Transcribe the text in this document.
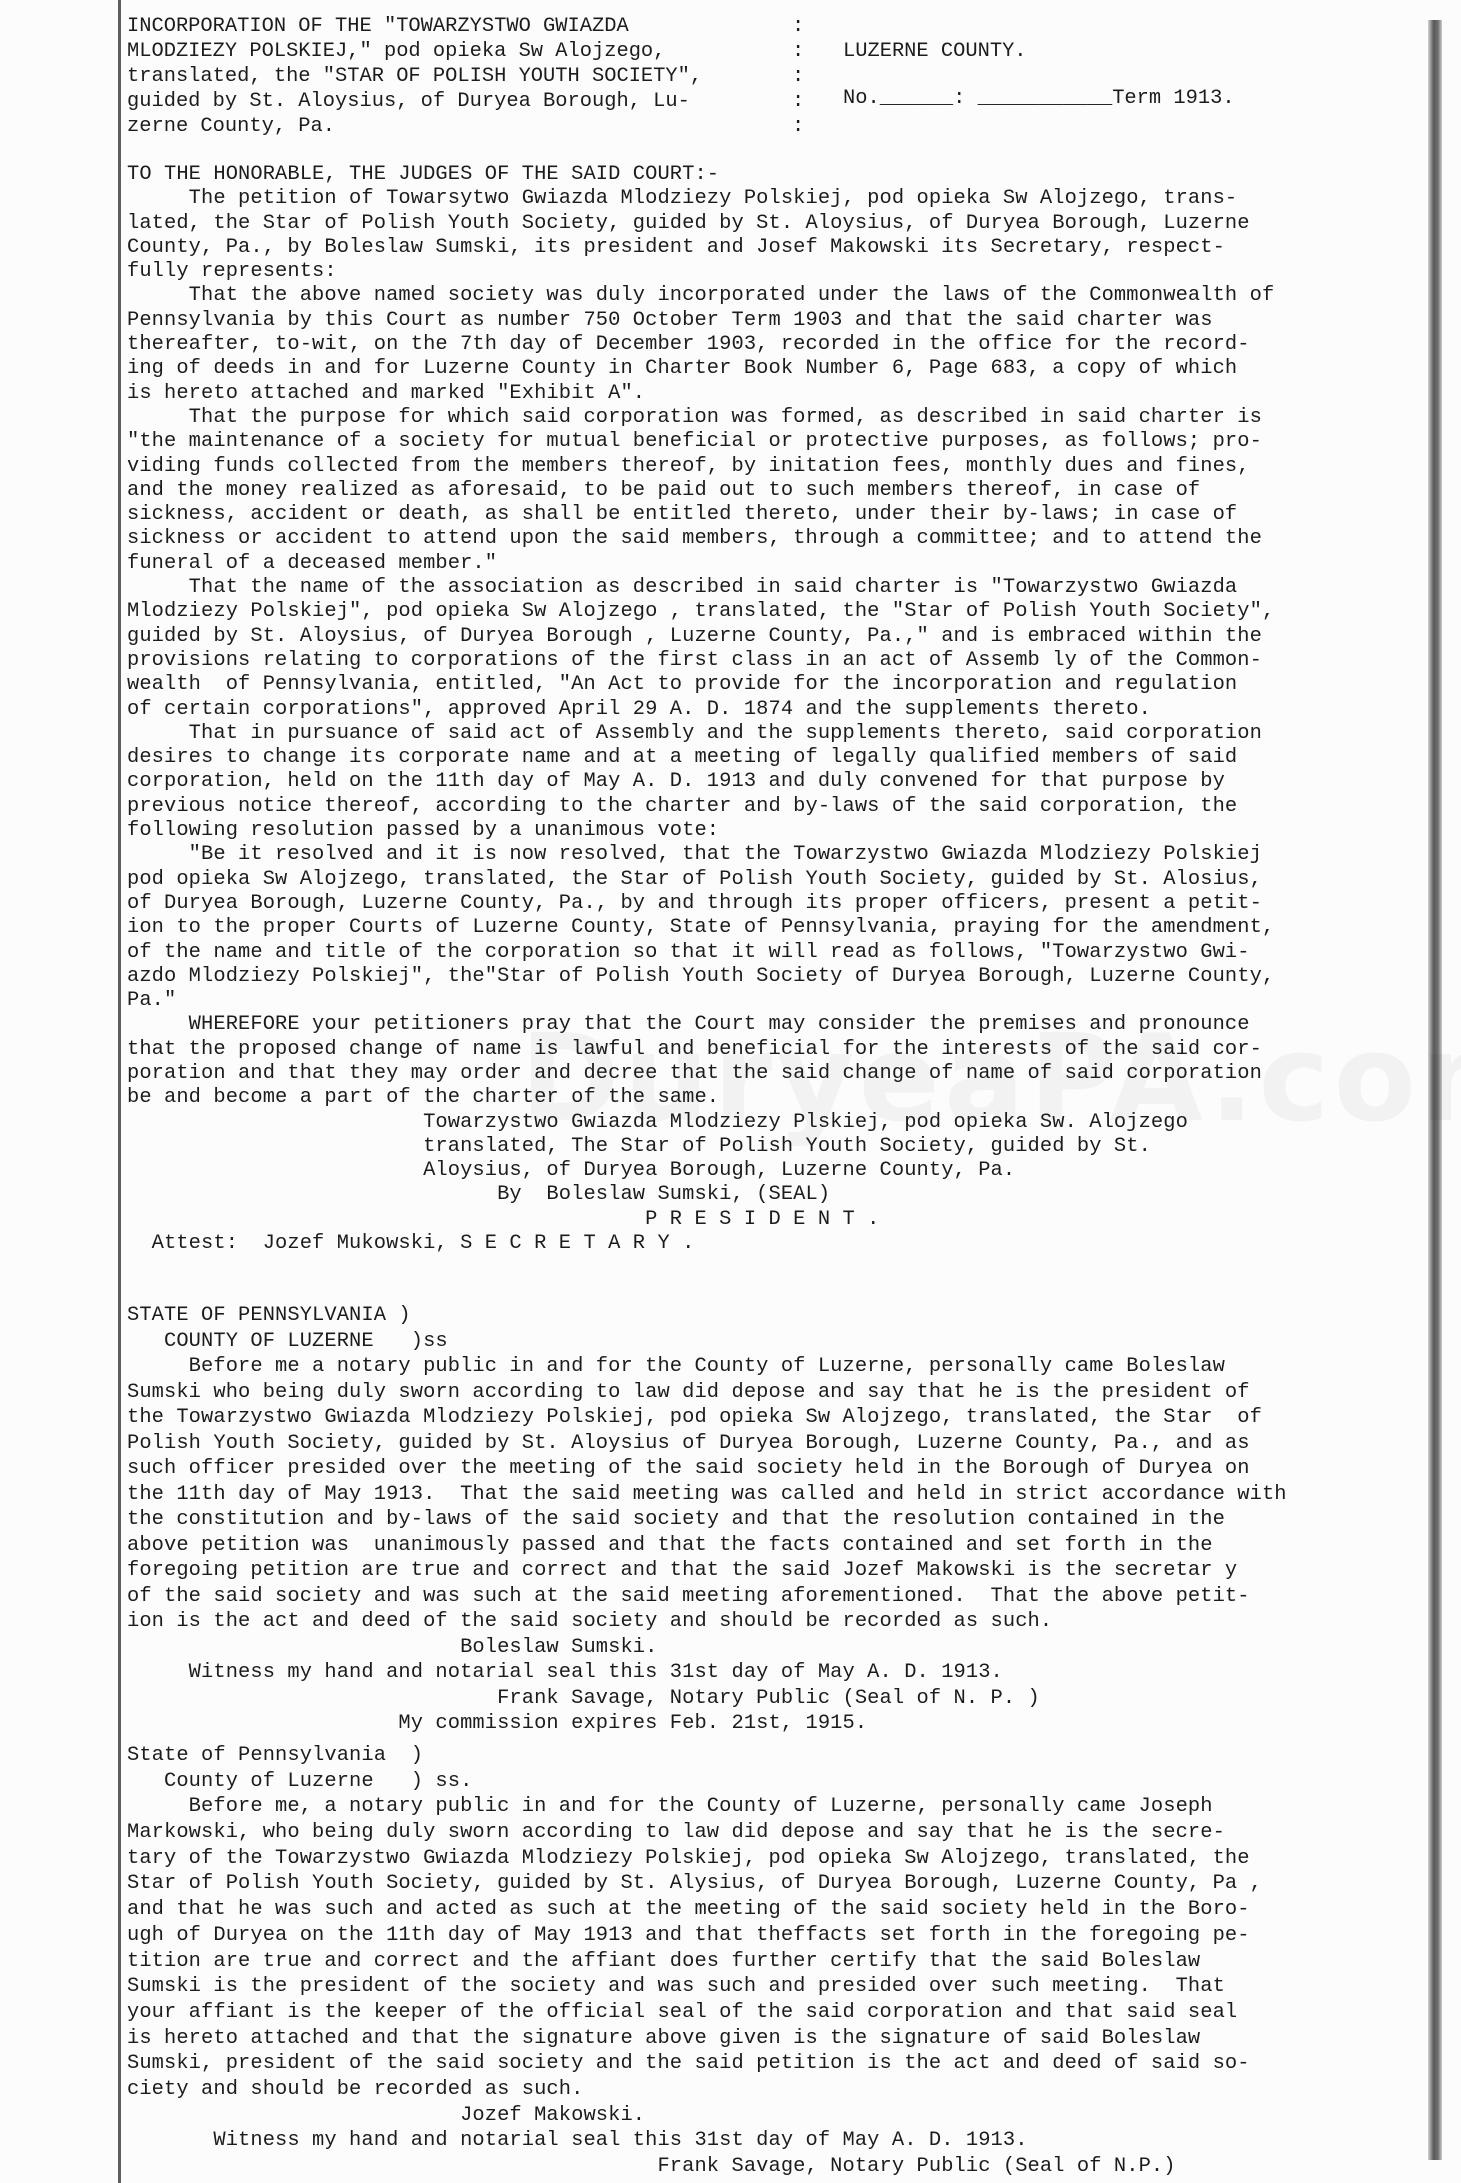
INCORPORATION OF THE "TOWARZYSTWO GWIAZDA
MLODZIEZY POLSKIEJ," pod opieka Sw Alojzego,
translated, the "STAR OF POLISH YOUTH SOCIETY",
guided by St. Aloysius, of Duryea Borough, Lu-
zerne County, Pa.
:
:
:
:
:
LUZERNE COUNTY.
No.______: ___________Term 1913.
TO THE HONORABLE, THE JUDGES OF THE SAID COURT:-
The petition of Towarsytwo Gwiazda Mlodziezy Polskiej, pod opieka Sw Alojzego, trans-
lated, the Star of Polish Youth Society, guided by St. Aloysius, of Duryea Borough, Luzerne
County, Pa., by Boleslaw Sumski, its president and Josef Makowski its Secretary, respect-
fully represents:
That the above named society was duly incorporated under the laws of the Commonwealth of
Pennsylvania by this Court as number 750 October Term 1903 and that the said charter was
thereafter, to-wit, on the 7th day of December 1903, recorded in the office for the record-
ing of deeds in and for Luzerne County in Charter Book Number 6, Page 683, a copy of which
is hereto attached and marked "Exhibit A".
That the purpose for which said corporation was formed, as described in said charter is
"the maintenance of a society for mutual beneficial or protective purposes, as follows; pro-
viding funds collected from the members thereof, by initation fees, monthly dues and fines,
and the money realized as aforesaid, to be paid out to such members thereof, in case of
sickness, accident or death, as shall be entitled thereto, under their by-laws; in case of
sickness or accident to attend upon the said members, through a committee; and to attend the
funeral of a deceased member."
That the name of the association as described in said charter is "Towarzystwo Gwiazda
Mlodziezy Polskiej", pod opieka Sw Alojzego , translated, the "Star of Polish Youth Society",
guided by St. Aloysius, of Duryea Borough , Luzerne County, Pa.," and is embraced within the
provisions relating to corporations of the first class in an act of Assemb ly of the Common-
wealth  of Pennsylvania, entitled, "An Act to provide for the incorporation and regulation
of certain corporations", approved April 29 A. D. 1874 and the supplements thereto.
That in pursuance of said act of Assembly and the supplements thereto, said corporation
desires to change its corporate name and at a meeting of legally qualified members of said
corporation, held on the 11th day of May A. D. 1913 and duly convened for that purpose by
previous notice thereof, according to the charter and by-laws of the said corporation, the
following resolution passed by a unanimous vote:
"Be it resolved and it is now resolved, that the Towarzystwo Gwiazda Mlodziezy Polskiej
pod opieka Sw Alojzego, translated, the Star of Polish Youth Society, guided by St. Alosius,
of Duryea Borough, Luzerne County, Pa., by and through its proper officers, present a petit-
ion to the proper Courts of Luzerne County, State of Pennsylvania, praying for the amendment,
of the name and title of the corporation so that it will read as follows, "Towarzystwo Gwi-
azdo Mlodziezy Polskiej", the"Star of Polish Youth Society of Duryea Borough, Luzerne County,
Pa."
WHEREFORE your petitioners pray that the Court may consider the premises and pronounce
that the proposed change of name is lawful and beneficial for the interests of the said cor-
poration and that they may order and decree that the said change of name of said corporation
be and become a part of the charter of the same.
Towarzystwo Gwiazda Mlodziezy Plskiej, pod opieka Sw. Alojzego
translated, The Star of Polish Youth Society, guided by St.
Aloysius, of Duryea Borough, Luzerne County, Pa.
By  Boleslaw Sumski, (SEAL)
P R E S I D E N T .
Attest:  Jozef Mukowski, S E C R E T A R Y .
STATE OF PENNSYLVANIA )
COUNTY OF LUZERNE   )ss
Before me a notary public in and for the County of Luzerne, personally came Boleslaw
Sumski who being duly sworn according to law did depose and say that he is the president of
the Towarzystwo Gwiazda Mlodziezy Polskiej, pod opieka Sw Alojzego, translated, the Star  of
Polish Youth Society, guided by St. Aloysius of Duryea Borough, Luzerne County, Pa., and as
such officer presided over the meeting of the said society held in the Borough of Duryea on
the 11th day of May 1913.  That the said meeting was called and held in strict accordance with
the constitution and by-laws of the said society and that the resolution contained in the
above petition was  unanimously passed and that the facts contained and set forth in the
foregoing petition are true and correct and that the said Jozef Makowski is the secretar y
of the said society and was such at the said meeting aforementioned.  That the above petit-
ion is the act and deed of the said society and should be recorded as such.
Boleslaw Sumski.
Witness my hand and notarial seal this 31st day of May A. D. 1913.
Frank Savage, Notary Public (Seal of N. P. )
My commission expires Feb. 21st, 1915.
State of Pennsylvania  )
County of Luzerne   ) ss.
Before me, a notary public in and for the County of Luzerne, personally came Joseph
Markowski, who being duly sworn according to law did depose and say that he is the secre-
tary of the Towarzystwo Gwiazda Mlodziezy Polskiej, pod opieka Sw Alojzego, translated, the
Star of Polish Youth Society, guided by St. Alysius, of Duryea Borough, Luzerne County, Pa ,
and that he was such and acted as such at the meeting of the said society held in the Boro-
ugh of Duryea on the 11th day of May 1913 and that theffacts set forth in the foregoing pe-
tition are true and correct and the affiant does further certify that the said Boleslaw
Sumski is the president of the society and was such and presided over such meeting.  That
your affiant is the keeper of the official seal of the said corporation and that said seal
is hereto attached and that the signature above given is the signature of said Boleslaw
Sumski, president of the said society and the said petition is the act and deed of said so-
ciety and should be recorded as such.
Jozef Makowski.
Witness my hand and notarial seal this 31st day of May A. D. 1913.
Frank Savage, Notary Public (Seal of N.P.)
